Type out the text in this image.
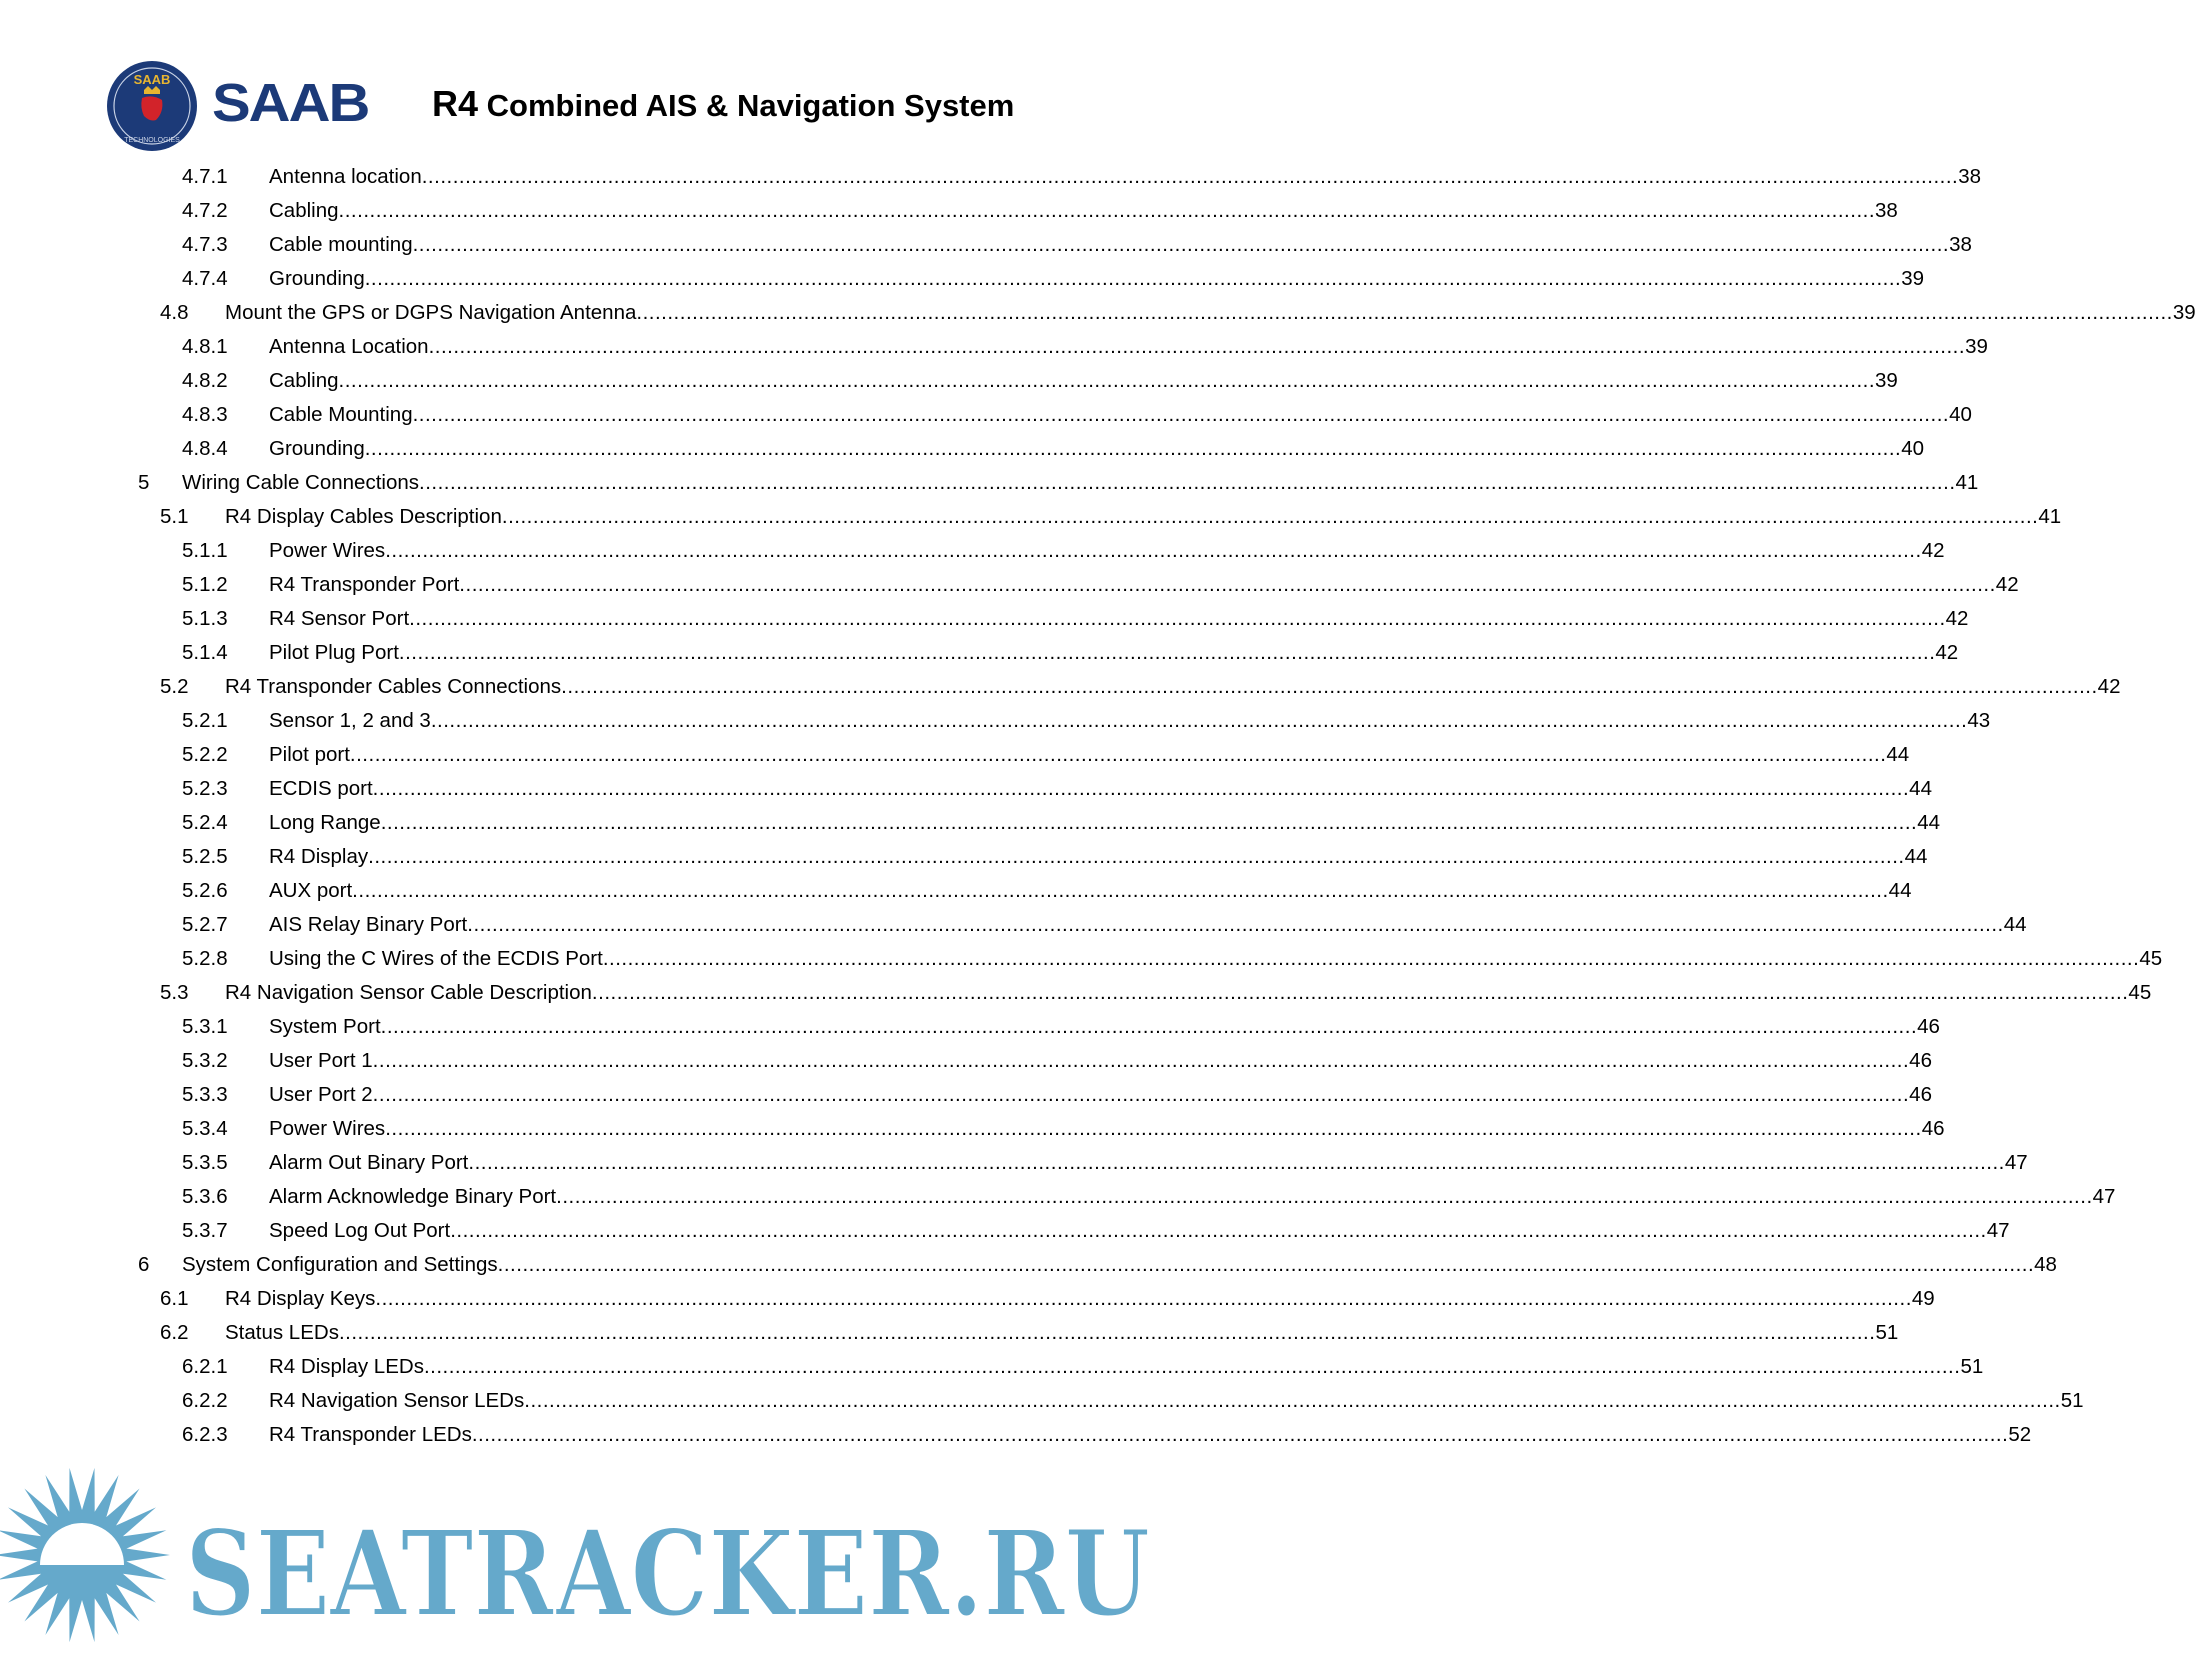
SAAB
TECHNOLOGIES
SAAB R4 Combined AIS & Navigation System
4.7.1 Antenna location .....	38
4.7.2 Cabling .....	38
4.7.3 Cable mounting .....	38
4.7.4 Grounding .....	39
4.8 Mount the GPS or DGPS Navigation Antenna .....	39
4.8.1 Antenna Location .....	39
4.8.2 Cabling .....	39
4.8.3 Cable Mounting .....	40
4.8.4 Grounding .....	40
5 Wiring Cable Connections .....	41
5.1 R4 Display Cables Description .....	41
5.1.1 Power Wires .....	42
5.1.2 R4 Transponder Port .....	42
5.1.3 R4 Sensor Port .....	42
5.1.4 Pilot Plug Port .....	42
5.2 R4 Transponder Cables Connections .....	42
5.2.1 Sensor 1, 2 and 3 .....	43
5.2.2 Pilot port .....	44
5.2.3 ECDIS port .....	44
5.2.4 Long Range .....	44
5.2.5 R4 Display .....	44
5.2.6 AUX port .....	44
5.2.7 AIS Relay Binary Port .....	44
5.2.8 Using the C Wires of the ECDIS Port .....	45
5.3 R4 Navigation Sensor Cable Description .....	45
5.3.1 System Port .....	46
5.3.2 User Port 1 .....	46
5.3.3 User Port 2 .....	46
5.3.4 Power Wires .....	46
5.3.5 Alarm Out Binary Port .....	47
5.3.6 Alarm Acknowledge Binary Port .....	47
5.3.7 Speed Log Out Port .....	47
6 System Configuration and Settings .....	48
6.1 R4 Display Keys .....	49
6.2 Status LEDs .....	51
6.2.1 R4 Display LEDs .....	51
6.2.2 R4 Navigation Sensor LEDs .....	51
6.2.3 R4 Transponder LEDs .....	52
SEATRACKER.RU
